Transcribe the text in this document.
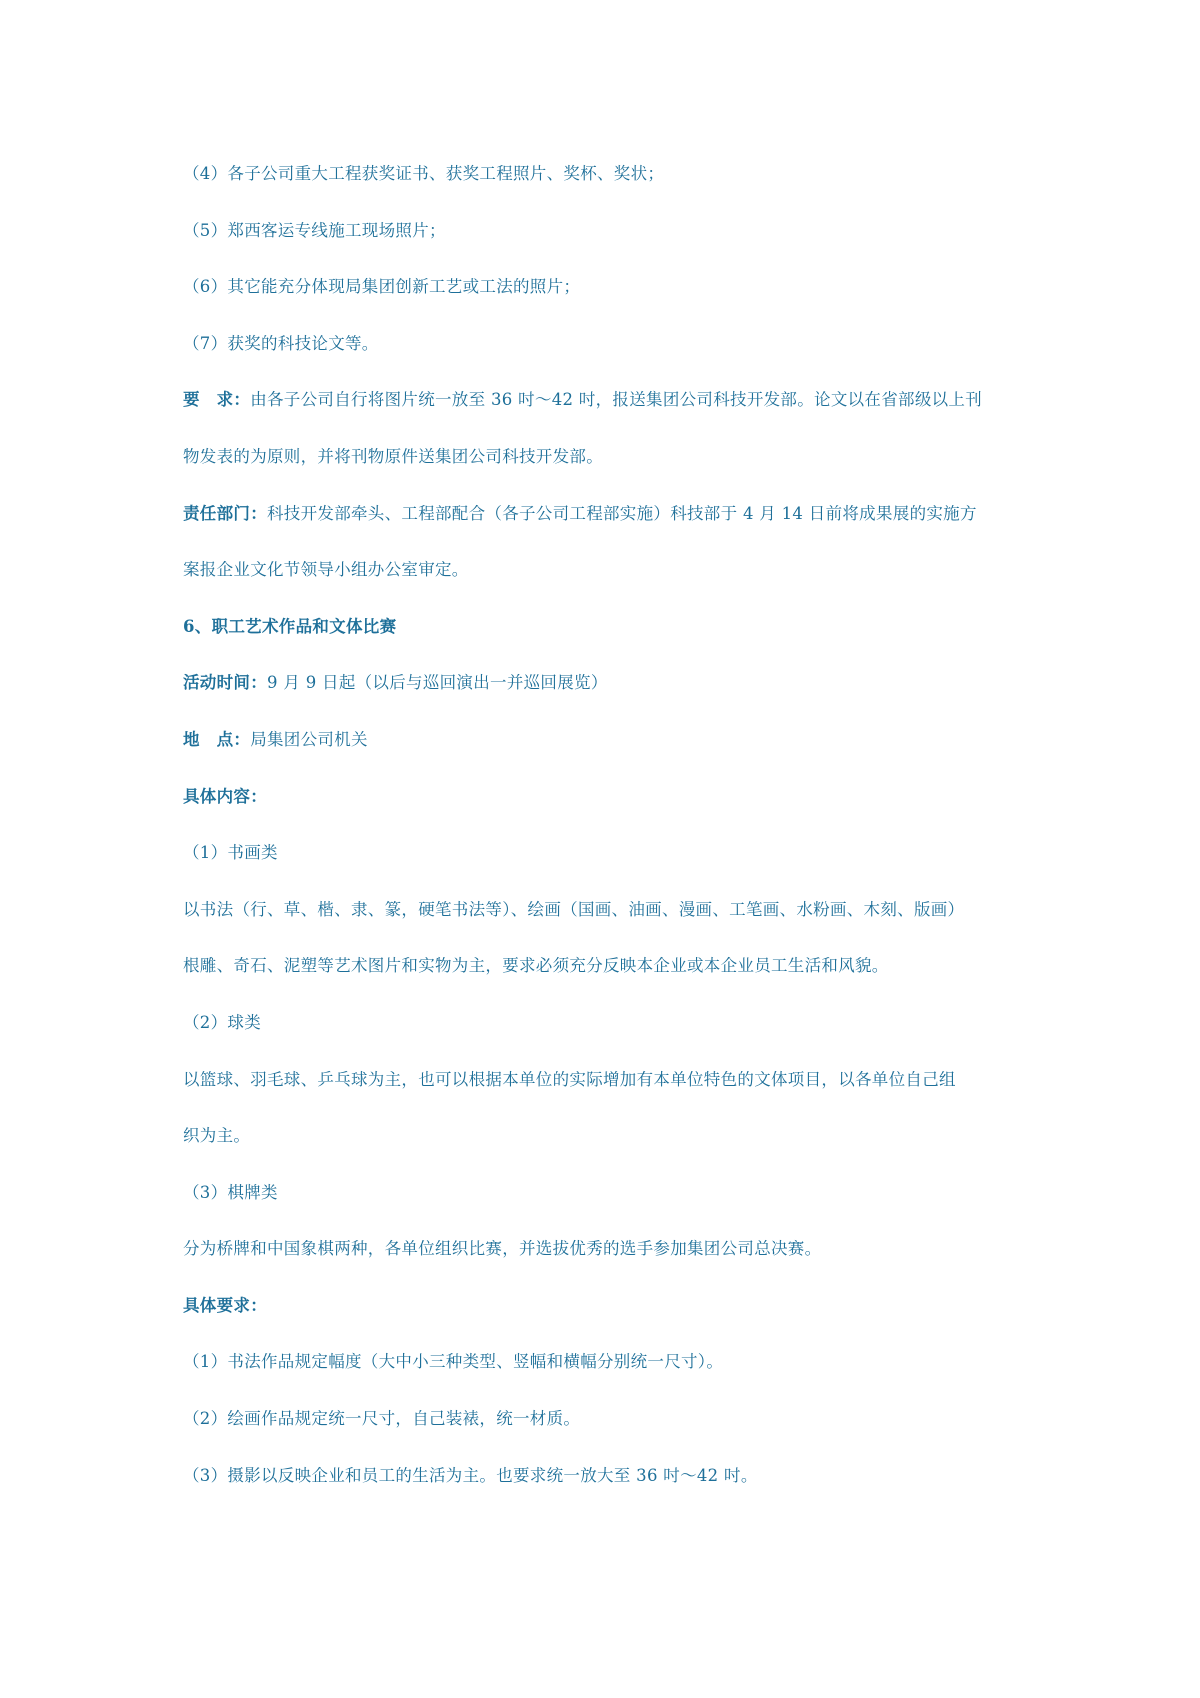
（4）各子公司重大工程获奖证书、获奖工程照片、奖杯、奖状；
（5）郑西客运专线施工现场照片；
（6）其它能充分体现局集团创新工艺或工法的照片；
（7）获奖的科技论文等。
要　求：由各子公司自行将图片统一放至 36 吋～42 吋，报送集团公司科技开发部。论文以在省部级以上刊
物发表的为原则，并将刊物原件送集团公司科技开发部。
责任部门：科技开发部牵头、工程部配合（各子公司工程部实施）科技部于 4 月 14 日前将成果展的实施方
案报企业文化节领导小组办公室审定。
6、职工艺术作品和文体比赛
活动时间：9 月 9 日起（以后与巡回演出一并巡回展览）
地　点：局集团公司机关
具体内容：
（1）书画类
以书法（行、草、楷、隶、篆，硬笔书法等）、绘画（国画、油画、漫画、工笔画、水粉画、木刻、版画）
根雕、奇石、泥塑等艺术图片和实物为主，要求必须充分反映本企业或本企业员工生活和风貌。
（2）球类
以篮球、羽毛球、乒乓球为主，也可以根据本单位的实际增加有本单位特色的文体项目，以各单位自己组
织为主。
（3）棋牌类
分为桥牌和中国象棋两种，各单位组织比赛，并选拔优秀的选手参加集团公司总决赛。
具体要求：
（1）书法作品规定幅度（大中小三种类型、竖幅和横幅分别统一尺寸）。
（2）绘画作品规定统一尺寸，自己装裱，统一材质。
（3）摄影以反映企业和员工的生活为主。也要求统一放大至 36 吋～42 吋。
